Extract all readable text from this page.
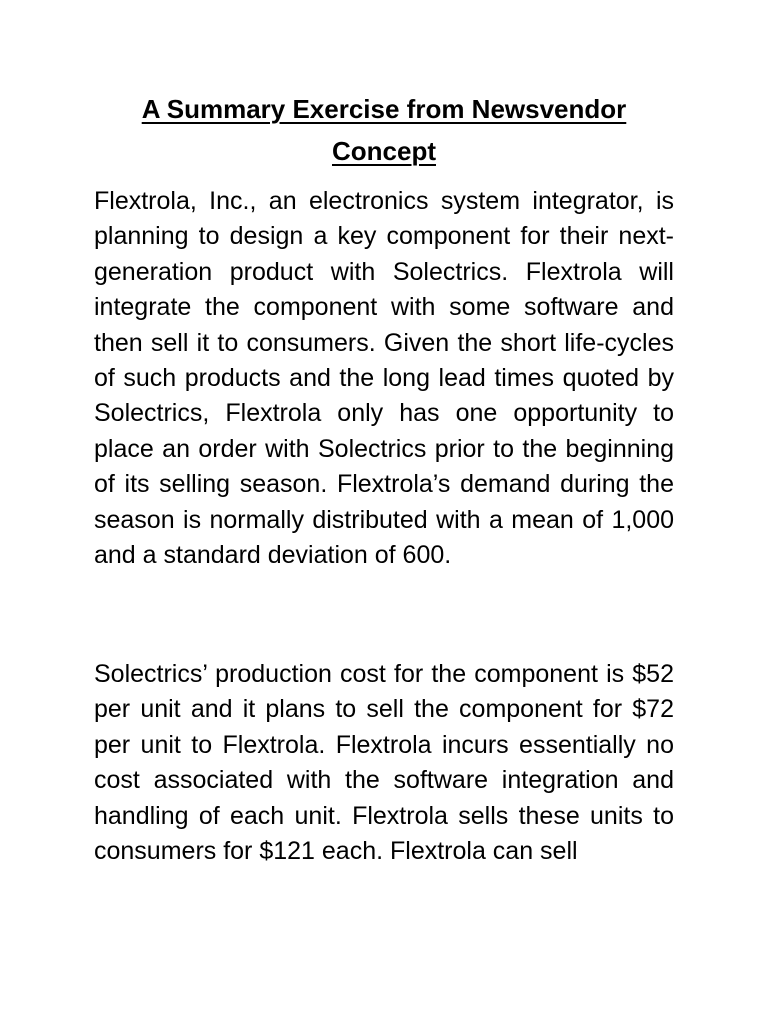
A Summary Exercise from Newsvendor
Concept

Flextrola, Inc., an electronics system integrator, is planning to design a key component for their next-generation product with Solectrics. Flextrola will integrate the component with some software and then sell it to consumers. Given the short life-cycles of such products and the long lead times quoted by Solectrics, Flextrola only has one opportunity to place an order with Solectrics prior to the beginning of its selling season. Flextrola’s demand during the season is normally distributed with a mean of 1,000 and a standard deviation of 600.

Solectrics’ production cost for the component is $52 per unit and it plans to sell the component for $72 per unit to Flextrola. Flextrola incurs essentially no cost associated with the software integration and handling of each unit. Flextrola sells these units to consumers for $121 each. Flextrola can sell
